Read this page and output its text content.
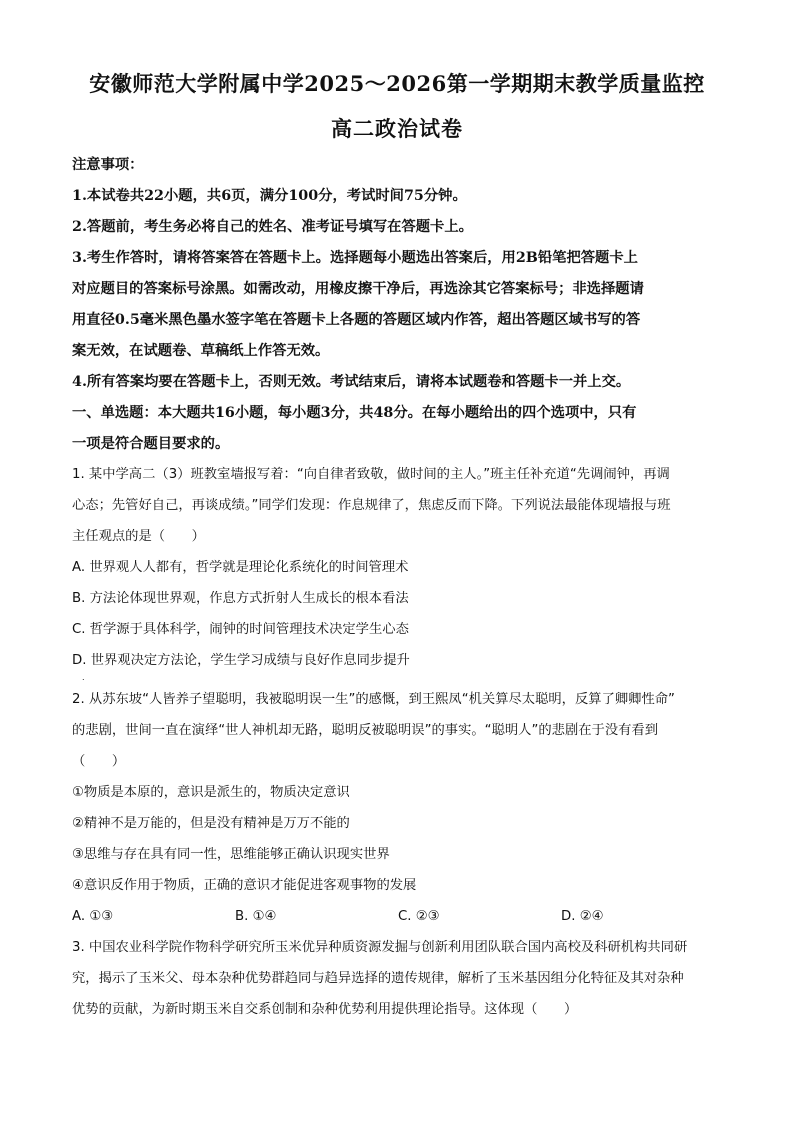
安徽师范大学附属中学2025～2026第一学期期末教学质量监控
高二政治试卷
注意事项：
1.本试卷共22小题，共6页，满分100分，考试时间75分钟。
2.答题前，考生务必将自己的姓名、准考证号填写在答题卡上。
3.考生作答时，请将答案答在答题卡上。选择题每小题选出答案后，用2B铅笔把答题卡上
对应题目的答案标号涂黑。如需改动，用橡皮擦干净后，再选涂其它答案标号；非选择题请
用直径0.5毫米黑色墨水签字笔在答题卡上各题的答题区域内作答，超出答题区域书写的答
案无效，在试题卷、草稿纸上作答无效。
4.所有答案均要在答题卡上，否则无效。考试结束后，请将本试题卷和答题卡一并上交。
一、单选题：本大题共16小题，每小题3分，共48分。在每小题给出的四个选项中，只有
一项是符合题目要求的。
1. 某中学高二（3）班教室墙报写着：“向自律者致敬，做时间的主人。”班主任补充道“先调闹钟，再调
心态；先管好自己，再谈成绩。”同学们发现：作息规律了，焦虑反而下降。下列说法最能体现墙报与班
主任观点的是（　　）
A. 世界观人人都有，哲学就是理论化系统化的时间管理术
B. 方法论体现世界观，作息方式折射人生成长的根本看法
C. 哲学源于具体科学，闹钟的时间管理技术决定学生心态
D. 世界观决定方法论，学生学习成绩与良好作息同步提升
2. 从苏东坡“人皆养子望聪明，我被聪明误一生”的感慨，到王熙凤“机关算尽太聪明，反算了卿卿性命”
的悲剧，世间一直在演绎“世人神机却无路，聪明反被聪明误”的事实。“聪明人”的悲剧在于没有看到
（　　）
①物质是本原的，意识是派生的，物质决定意识
②精神不是万能的，但是没有精神是万万不能的
③思维与存在具有同一性，思维能够正确认识现实世界
④意识反作用于物质，正确的意识才能促进客观事物的发展
A. ①③	B. ①④	C. ②③	D. ②④
3. 中国农业科学院作物科学研究所玉米优异种质资源发掘与创新利用团队联合国内高校及科研机构共同研
究，揭示了玉米父、母本杂种优势群趋同与趋异选择的遗传规律，解析了玉米基因组分化特征及其对杂种
优势的贡献，为新时期玉米自交系创制和杂种优势利用提供理论指导。这体现（　　）
.
